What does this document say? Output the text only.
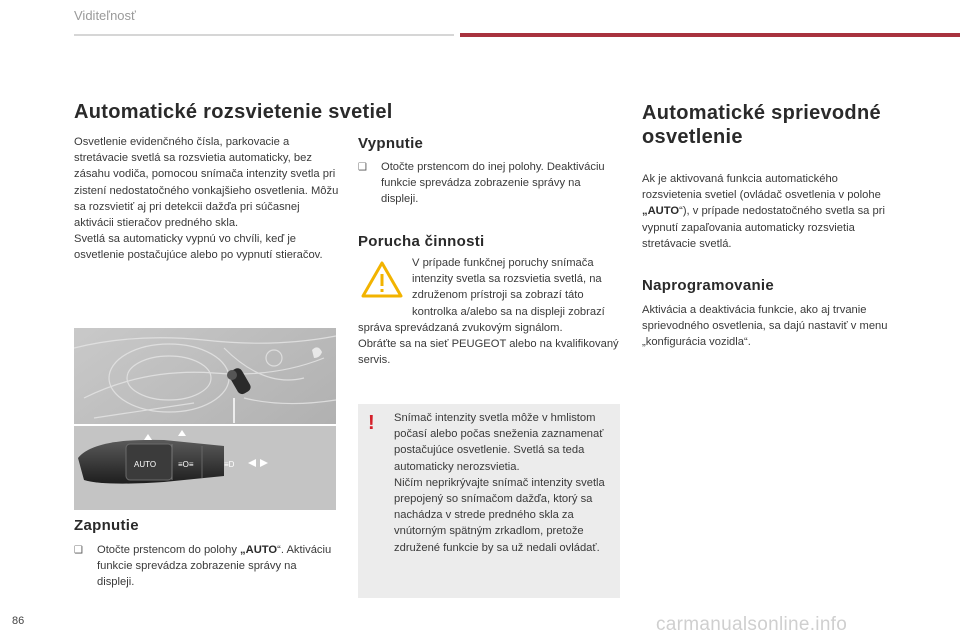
Viditeľnosť
Automatické rozsvietenie svetiel

Osvetlenie evidenčného čísla, parkovacie a stretávacie svetlá sa rozsvietia automaticky, bez zásahu vodiča, pomocou snímača intenzity svetla pri zistení nedostatočného vonkajšieho osvetlenia. Môžu sa rozsvietiť aj pri detekcii dažďa pri súčasnej aktivácii stieračov predného skla.

Svetlá sa automaticky vypnú vo chvíli, keď je osvetlenie postačujúce alebo po vypnutí stieračov.

AUTO	≡O≡	≡D
Zapnutie
❑	Otočte prstencom do polohy „AUTO“. Aktiváciu funkcie sprevádza zobrazenie správy na displeji.
Vypnutie
❑	Otočte prstencom do inej polohy. Deaktiváciu funkcie sprevádza zobrazenie správy na displeji.
Porucha činnosti

V prípade funkčnej poruchy snímača intenzity svetla sa rozsvietia svetlá, na združenom prístroji sa zobrazí táto kontrolka a/alebo sa na displeji zobrazí správa sprevádzaná zvukovým signálom.

Obráťte sa na sieť PEUGEOT alebo na kvalifikovaný servis.

! Snímač intenzity svetla môže v hmlistom počasí alebo počas sneženia zaznamenať postačujúce osvetlenie. Svetlá sa teda automaticky nerozsvietia.

Ničím neprikrývajte snímač intenzity svetla prepojený so snímačom dažďa, ktorý sa nachádza v strede predného skla za vnútorným spätným zrkadlom, pretože združené funkcie by sa už nedali ovládať.

Automatické sprievodné osvetlenie

Ak je aktivovaná funkcia automatického rozsvietenia svetiel (ovládač osvetlenia v polohe „AUTO“), v prípade nedostatočného svetla sa pri vypnutí zapaľovania automaticky rozsvietia stretávacie svetlá.

Naprogramovanie

Aktivácia a deaktivácia funkcie, ako aj trvanie sprievodného osvetlenia, sa dajú nastaviť v menu „konfigurácia vozidla“.

86	carmanualsonline.info
